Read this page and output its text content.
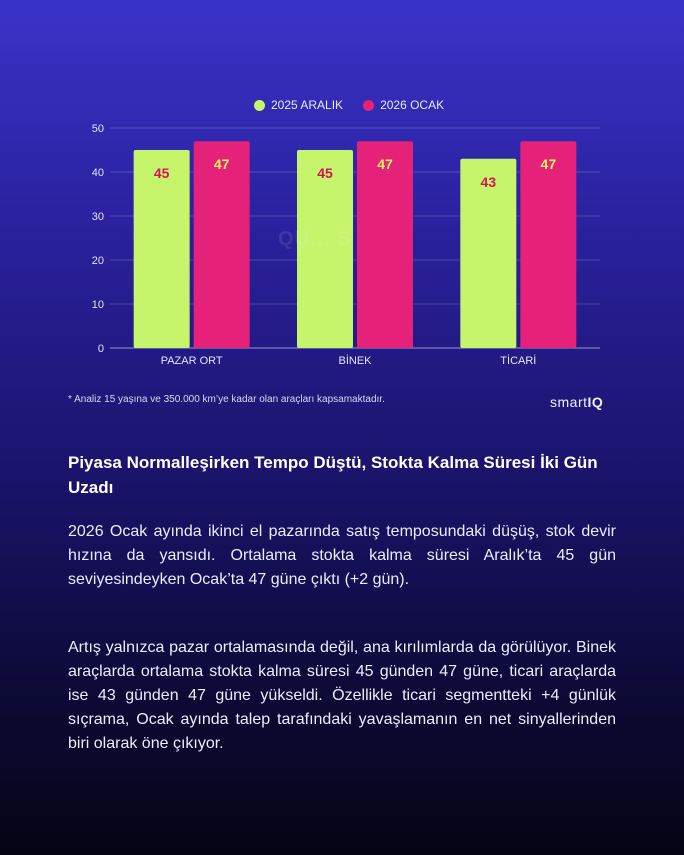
2025 ARALIK	2026 OCAK
0
10
20
30
40
50
45
47
PAZAR ORT
45
47
BİNEK
43
47
TİCARİ
QU… S
* Analiz 15 yaşına ve 350.000 km’ye kadar olan araçları kapsamaktadır.	smartIQ
Piyasa Normalleşirken Tempo Düştü, Stokta Kalma Süresi İki Gün Uzadı
2026 Ocak ayında ikinci el pazarında satış temposundaki düşüş, stok devir hızına da yansıdı. Ortalama stokta kalma süresi Aralık’ta 45 gün seviyesindeyken Ocak’ta 47 güne çıktı (+2 gün).
Artış yalnızca pazar ortalamasında değil, ana kırılımlarda da görülüyor. Binek araçlarda ortalama stokta kalma süresi 45 günden 47 güne, ticari araçlarda ise 43 günden 47 güne yükseldi. Özellikle ticari segmentteki +4 günlük sıçrama, Ocak ayında talep tarafındaki yavaşlamanın en net sinyallerinden biri olarak öne çıkıyor.
